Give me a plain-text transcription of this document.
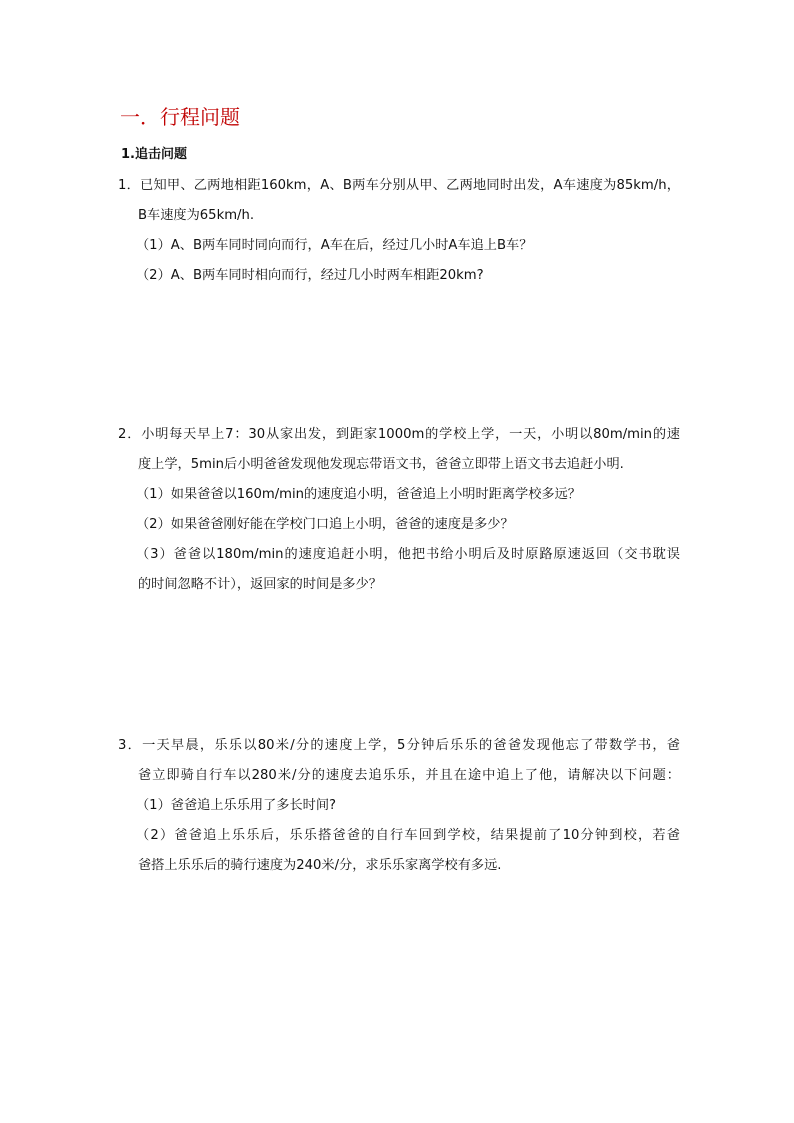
一．行程问题
1.追击问题
1．已知甲、乙两地相距160km，A、B两车分别从甲、乙两地同时出发，A车速度为85km/h，
B车速度为65km/h.
（1）A、B两车同时同向而行，A车在后，经过几小时A车追上B车？
（2）A、B两车同时相向而行，经过几小时两车相距20km?
2．小明每天早上7：30从家出发，到距家1000m的学校上学，一天，小明以80m/min的速
度上学，5min后小明爸爸发现他发现忘带语文书，爸爸立即带上语文书去追赶小明.
（1）如果爸爸以160m/min的速度追小明，爸爸追上小明时距离学校多远？
（2）如果爸爸刚好能在学校门口追上小明，爸爸的速度是多少？
（3）爸爸以180m/min的速度追赶小明，他把书给小明后及时原路原速返回（交书耽误
的时间忽略不计），返回家的时间是多少？
3．一天早晨，乐乐以80米/分的速度上学，5分钟后乐乐的爸爸发现他忘了带数学书，爸
爸立即骑自行车以280米/分的速度去追乐乐，并且在途中追上了他，请解决以下问题：
（1）爸爸追上乐乐用了多长时间?
（2）爸爸追上乐乐后，乐乐搭爸爸的自行车回到学校，结果提前了10分钟到校，若爸
爸搭上乐乐后的骑行速度为240米/分，求乐乐家离学校有多远.
